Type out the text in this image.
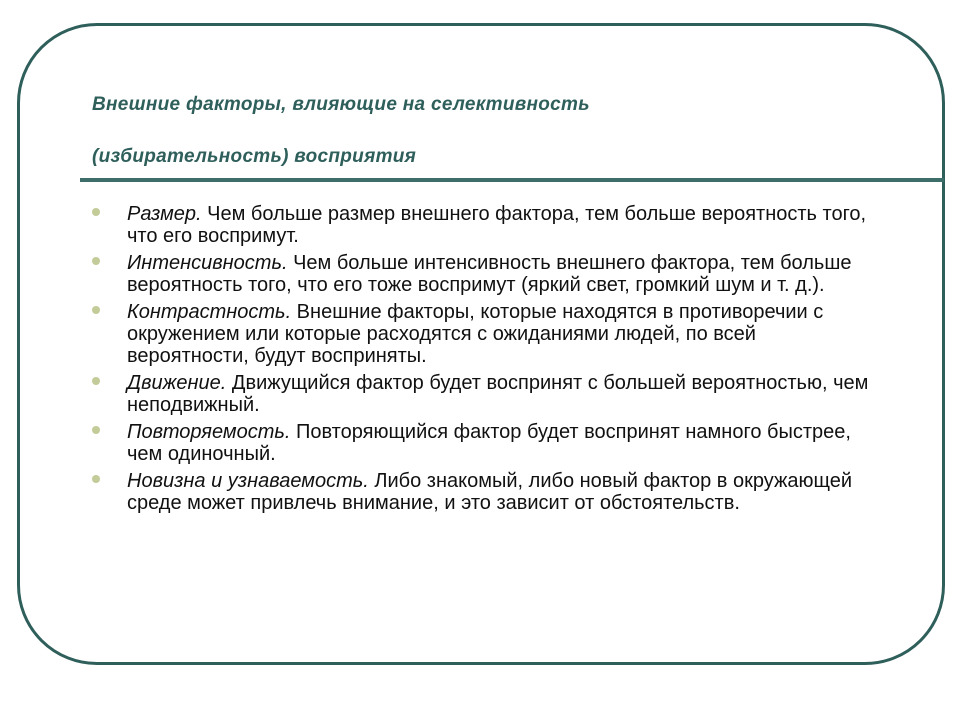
Внешние факторы, влияющие на селективность
(избирательность) восприятия
Размер. Чем больше размер внешнего фактора, тем больше вероятность того, что его воспримут.
Интенсивность. Чем больше интенсивность внешнего фактора, тем больше вероятность того, что его тоже воспримут (яркий свет, громкий шум и т. д.).
Контрастность. Внешние факторы, которые находятся в противоречии с окружением или которые расходятся с ожиданиями людей, по всей вероятности, будут восприняты.
Движение. Движущийся фактор будет воспринят с большей вероятностью, чем неподвижный.
Повторяемость. Повторяющийся фактор будет воспринят намного быстрее, чем одиночный.
Новизна и узнаваемость. Либо знакомый, либо новый фактор в окружающей среде может привлечь внимание, и это зависит от обстоятельств.
